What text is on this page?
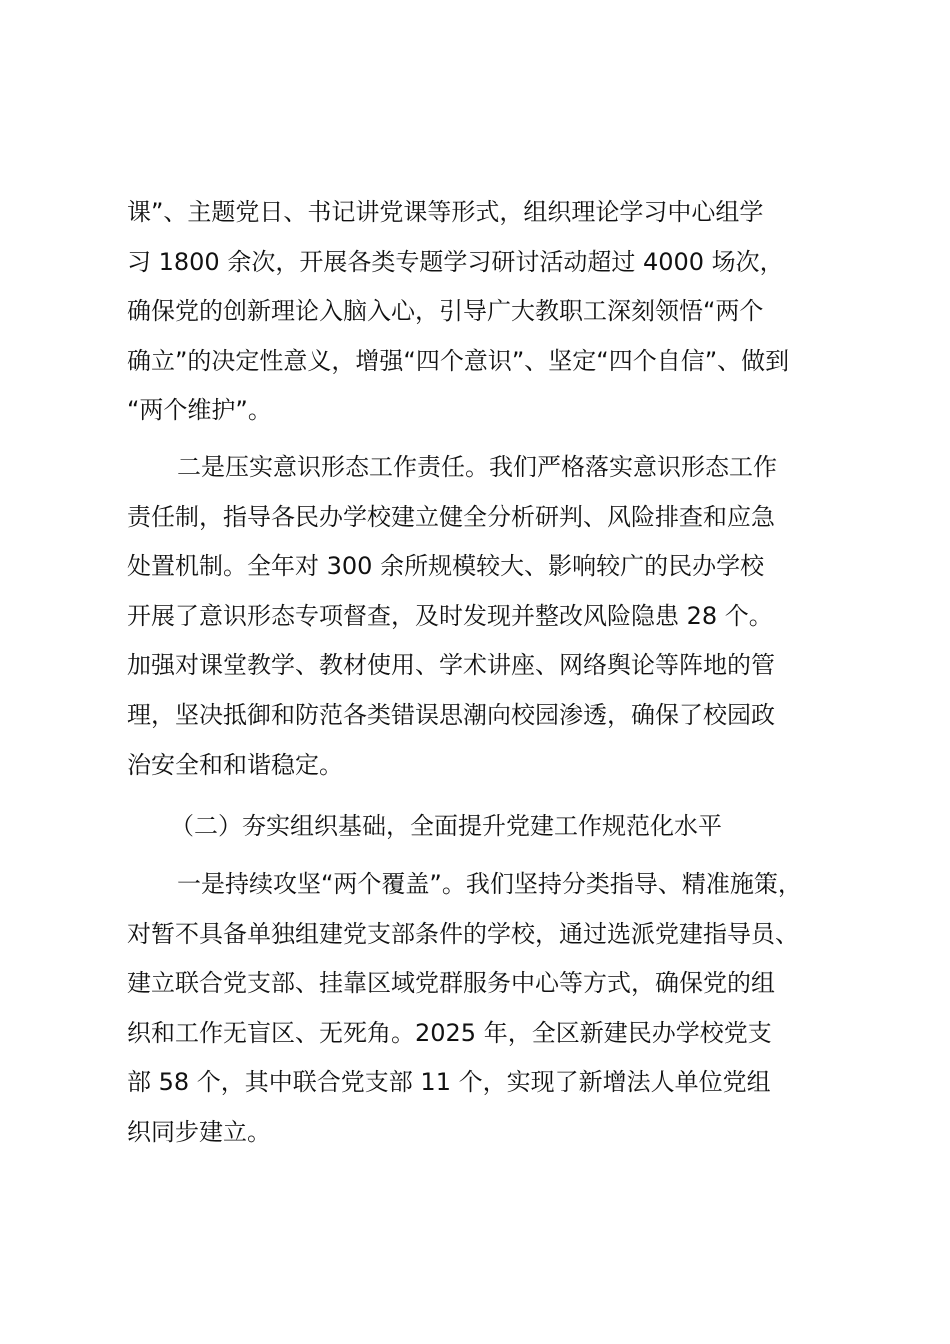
课”、主题党日、书记讲党课等形式，组织理论学习中心组学
习 1800 余次，开展各类专题学习研讨活动超过 4000 场次，
确保党的创新理论入脑入心，引导广大教职工深刻领悟“两个
确立”的决定性意义，增强“四个意识”、坚定“四个自信”、做到
“两个维护”。
二是压实意识形态工作责任。我们严格落实意识形态工作
责任制，指导各民办学校建立健全分析研判、风险排查和应急
处置机制。全年对 300 余所规模较大、影响较广的民办学校
开展了意识形态专项督查，及时发现并整改风险隐患 28 个。
加强对课堂教学、教材使用、学术讲座、网络舆论等阵地的管
理，坚决抵御和防范各类错误思潮向校园渗透，确保了校园政
治安全和和谐稳定。
（二）夯实组织基础，全面提升党建工作规范化水平
一是持续攻坚“两个覆盖”。我们坚持分类指导、精准施策，
对暂不具备单独组建党支部条件的学校，通过选派党建指导员、
建立联合党支部、挂靠区域党群服务中心等方式，确保党的组
织和工作无盲区、无死角。2025 年，全区新建民办学校党支
部 58 个，其中联合党支部 11 个，实现了新增法人单位党组
织同步建立。
